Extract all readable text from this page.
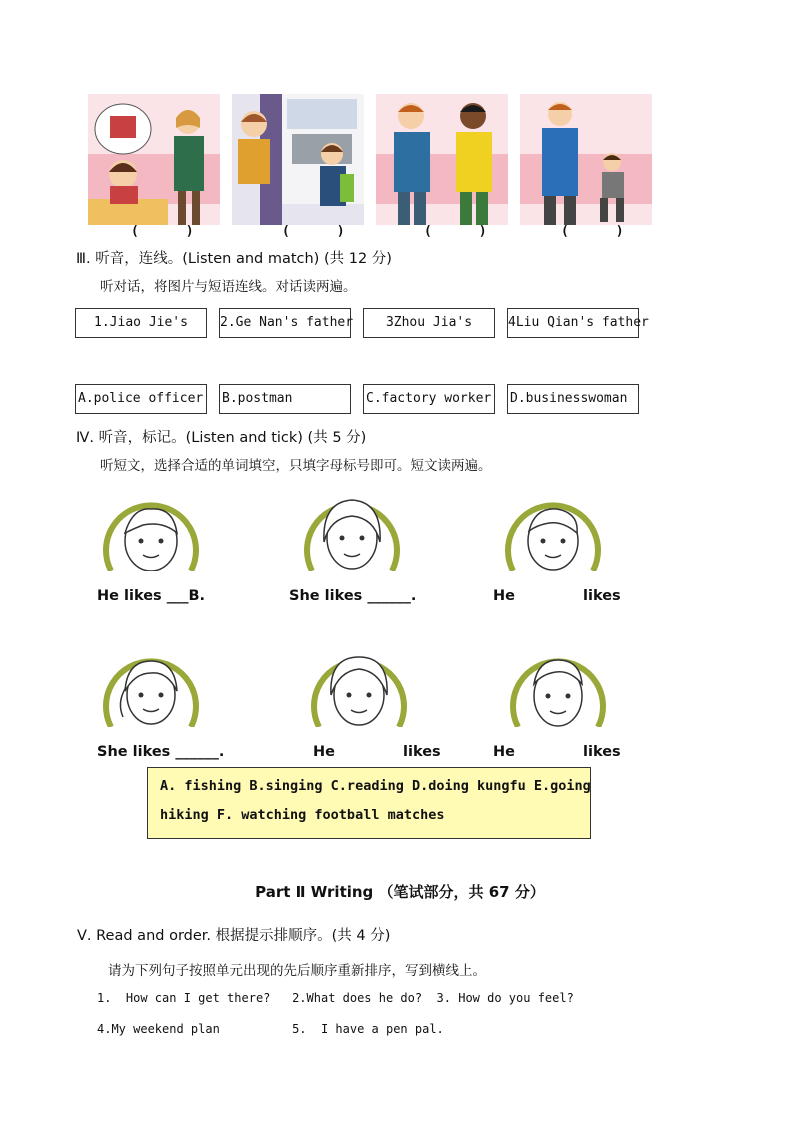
(      )	(      )	(      )	(      )
Ⅲ. 听音，连线。(Listen and match) (共 12 分)
听对话，将图片与短语连线。对话读两遍。
1.Jiao Jie's	2.Ge Nan's father	3Zhou Jia's	4Liu Qian's father
A.police officer B.postman	C.factory worker D.businesswoman
Ⅳ. 听音，标记。(Listen and tick) (共 5 分)
听短文，选择合适的单词填空，只填字母标号即可。短文读两遍。
He likes ___B.	She likes ______.	He	likes
She likes ______.	He	likes	He	likes
A. fishing B.singing C.reading D.doing kungfu E.going
hiking F. watching football matches
Part Ⅱ Writing （笔试部分，共 67 分）
Ⅴ. Read and order. 根据提示排顺序。(共 4 分)
请为下列句子按照单元出现的先后顺序重新排序，写到横线上。
1.  How can I get there?   2.What does he do?  3. How do you feel?
4.My weekend plan          5.  I have a pen pal.
